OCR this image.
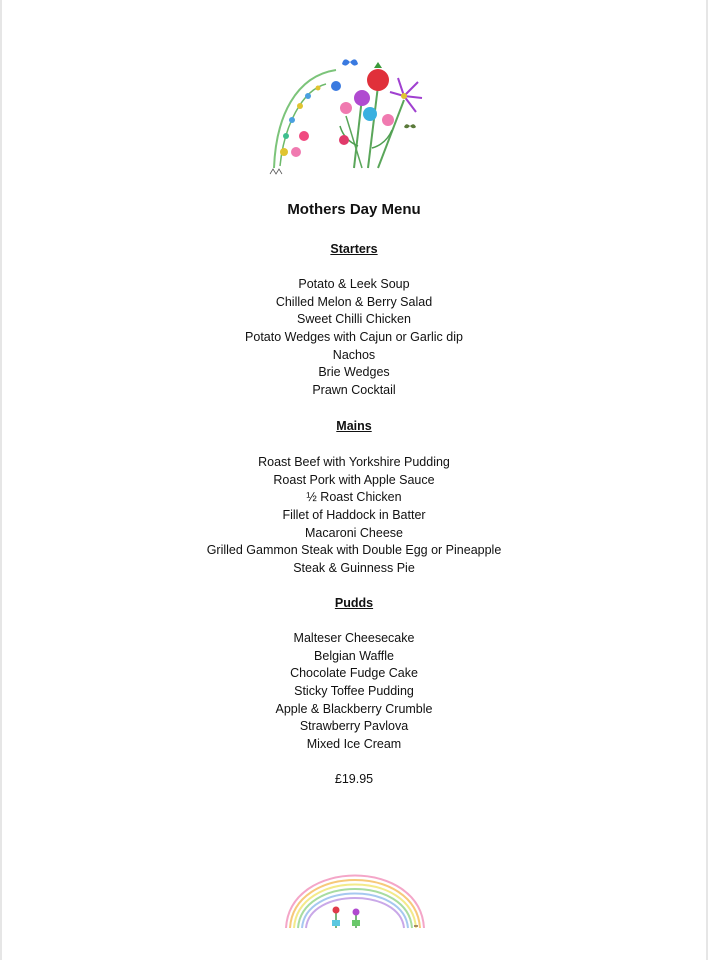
Mothers Day Menu
Starters
Potato & Leek Soup
Chilled Melon & Berry Salad
Sweet Chilli Chicken
Potato Wedges with Cajun or Garlic dip
Nachos
Brie Wedges
Prawn Cocktail
Mains
Roast Beef with Yorkshire Pudding
Roast Pork with Apple Sauce
½ Roast Chicken
Fillet of Haddock in Batter
Macaroni Cheese
Grilled Gammon Steak with Double Egg or Pineapple
Steak & Guinness Pie
Pudds
Malteser Cheesecake
Belgian Waffle
Chocolate Fudge Cake
Sticky Toffee Pudding
Apple & Blackberry Crumble
Strawberry Pavlova
Mixed Ice Cream
£19.95
